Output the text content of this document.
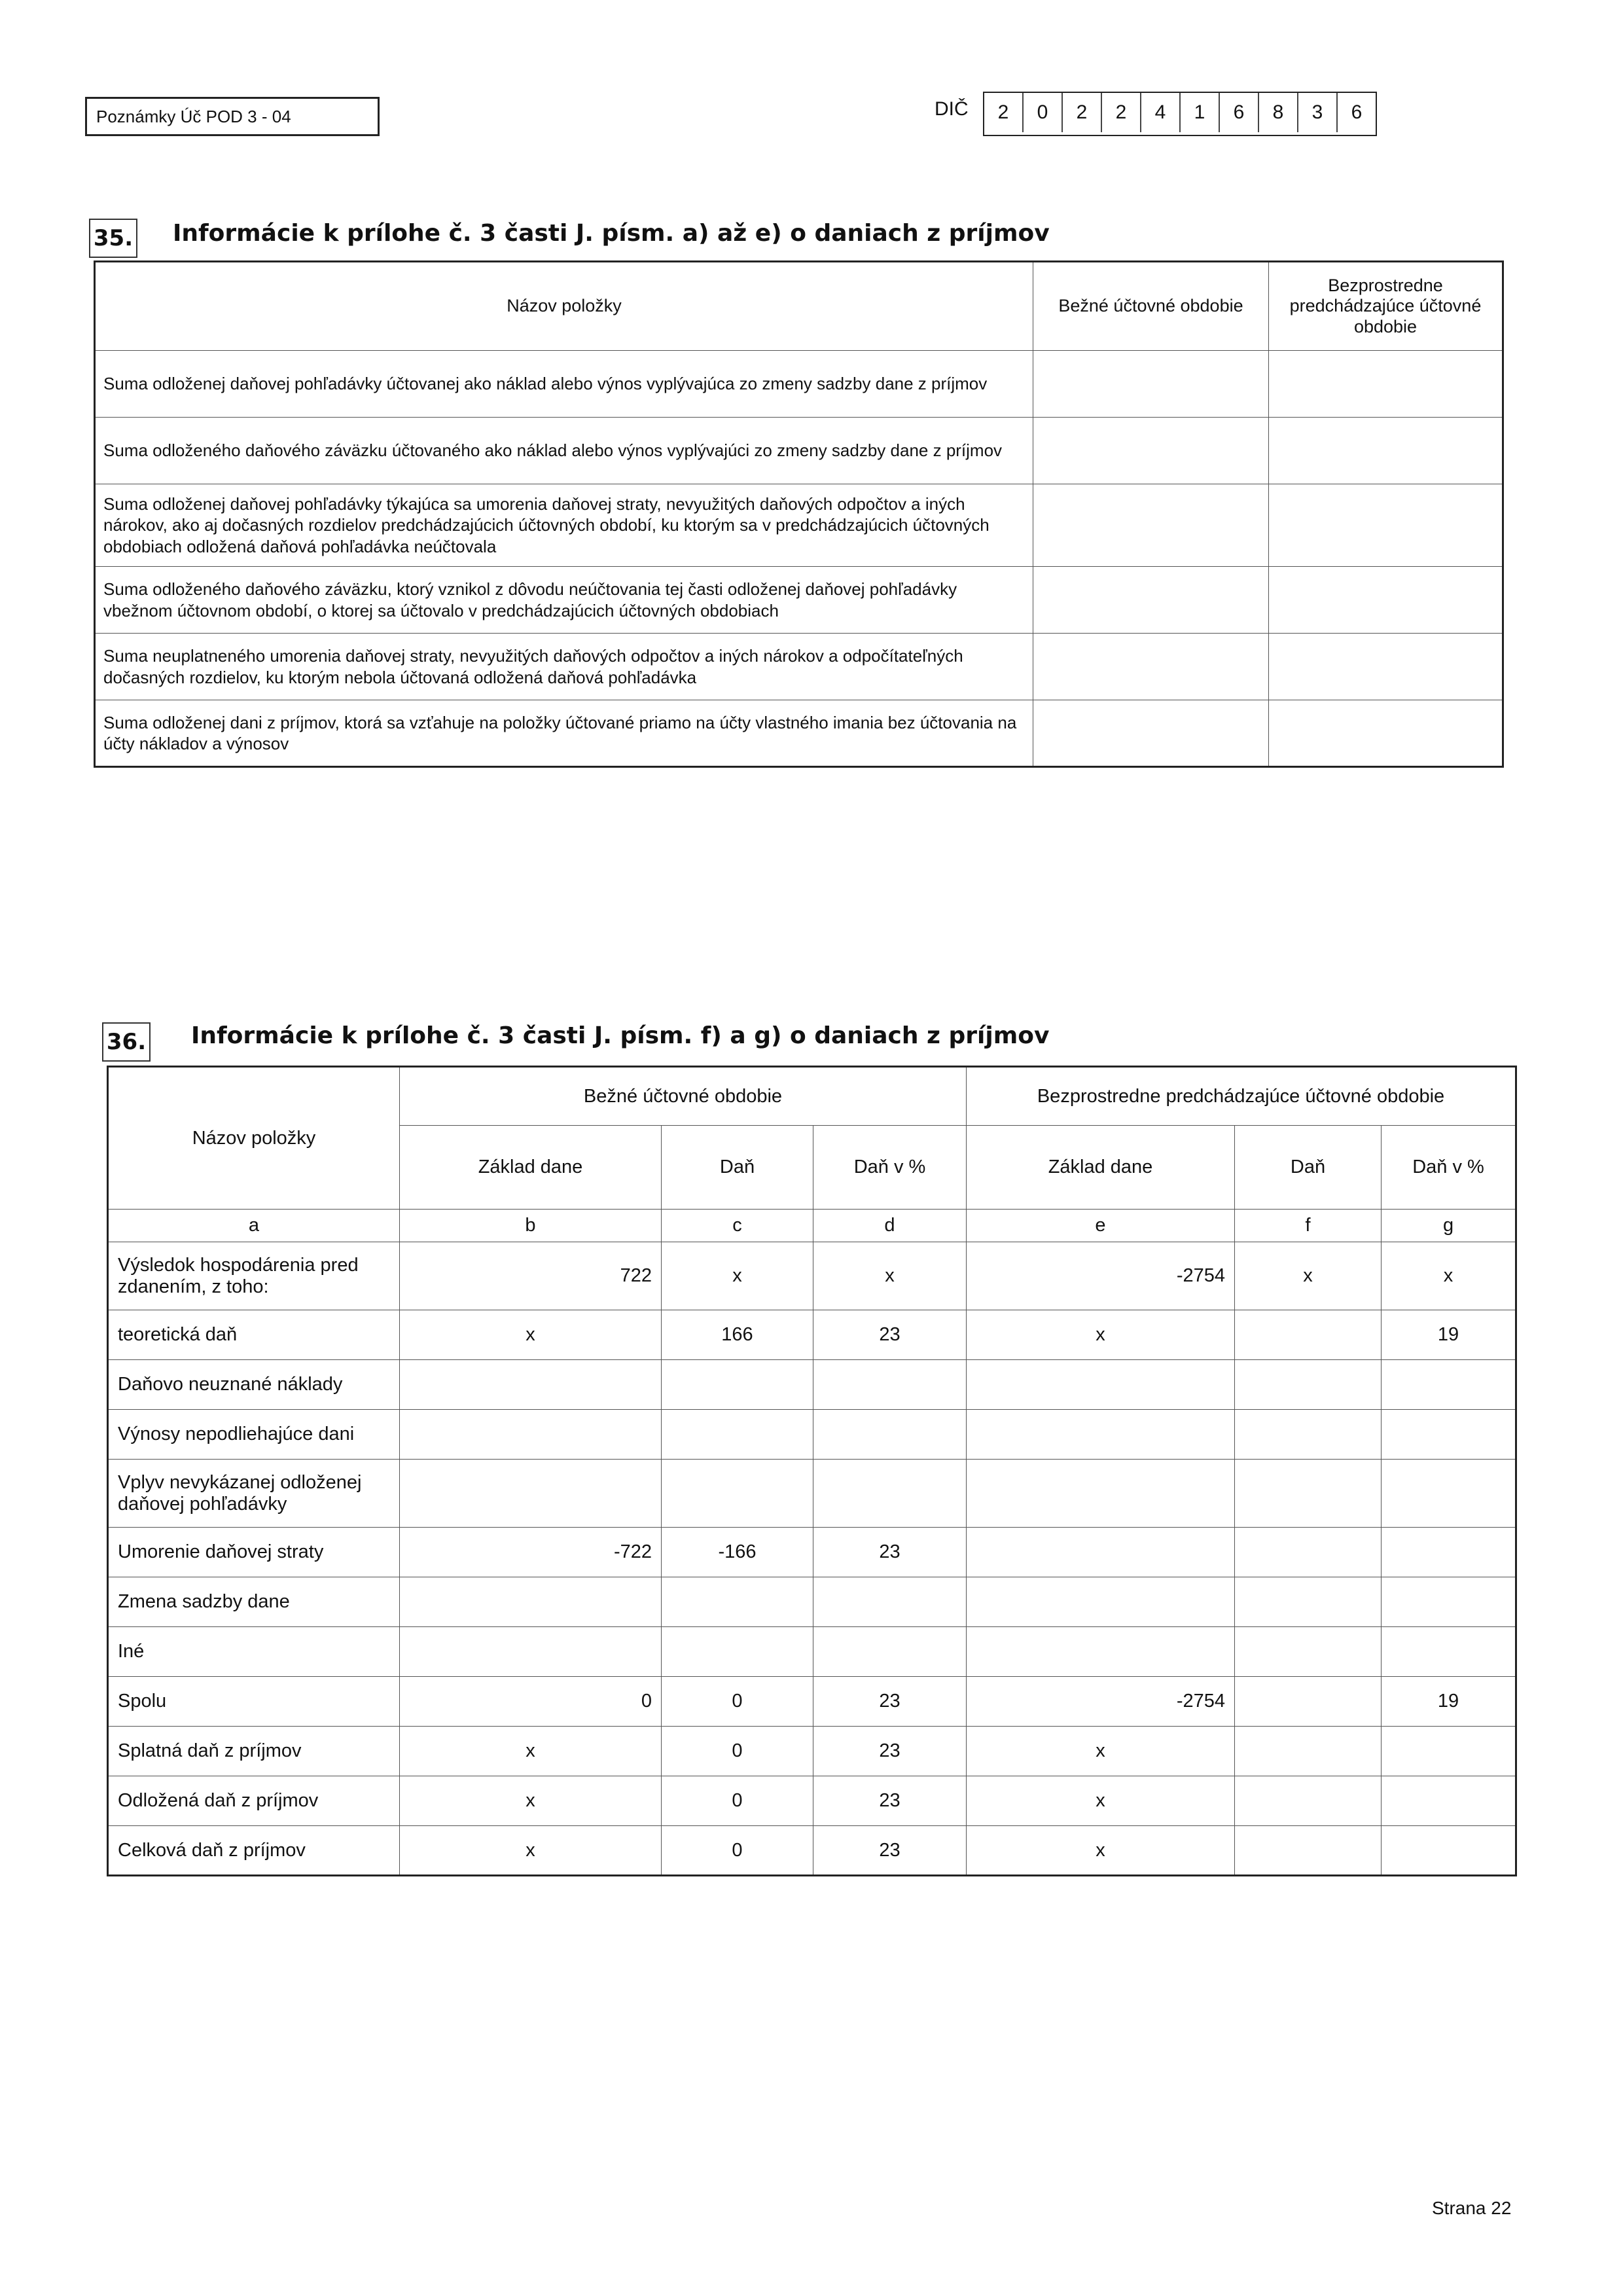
Poznámky Úč POD 3 - 04	DIČ	2	0	2	2	4	1	6	8	3	6
35. Informácie k prílohe č. 3 časti J. písm. a) až e) o daniach z príjmov
Názov položky	Bežné účtovné obdobie	Bezprostredne predchádzajúce účtovné obdobie
Suma odloženej daňovej pohľadávky účtovanej ako náklad alebo výnos vyplývajúca zo zmeny sadzby dane z príjmov		
Suma odloženého daňového záväzku účtovaného ako náklad alebo výnos vyplývajúci zo zmeny sadzby dane z príjmov		
Suma odloženej daňovej pohľadávky týkajúca sa umorenia daňovej straty, nevyužitých daňových odpočtov a iných nárokov, ako aj dočasných rozdielov predchádzajúcich účtovných období, ku ktorým sa v predchádzajúcich účtovných obdobiach odložená daňová pohľadávka neúčtovala		
Suma odloženého daňového záväzku, ktorý vznikol z dôvodu neúčtovania tej časti odloženej daňovej pohľadávky vbežnom účtovnom období, o ktorej sa účtovalo v predchádzajúcich účtovných obdobiach		
Suma neuplatneného umorenia daňovej straty, nevyužitých daňových odpočtov a iných nárokov a odpočítateľných dočasných rozdielov, ku ktorým nebola účtovaná odložená daňová pohľadávka		
Suma odloženej dani z príjmov, ktorá sa vzťahuje na položky účtované priamo na účty vlastného imania bez účtovania na účty nákladov a výnosov		
36. Informácie k prílohe č. 3 časti J. písm. f) a g) o daniach z príjmov
Názov položky	Bežné účtovné obdobie			Bezprostredne predchádzajúce účtovné obdobie		
	Základ dane	Daň	Daň v %	Základ dane	Daň	Daň v %
a	b	c	d	e	f	g
Výsledok hospodárenia pred zdanením, z toho:	722	x	x	-2754	x	x
teoretická daň	x	166	23	x		19
Daňovo neuznané náklady						
Výnosy nepodliehajúce dani						
Vplyv nevykázanej odloženej daňovej pohľadávky						
Umorenie daňovej straty	-722	-166	23			
Zmena sadzby dane						
Iné						
Spolu	0	0	23	-2754		19
Splatná daň z príjmov	x	0	23	x		
Odložená daň z príjmov	x	0	23	x		
Celková daň z príjmov	x	0	23	x		
Strana 22
